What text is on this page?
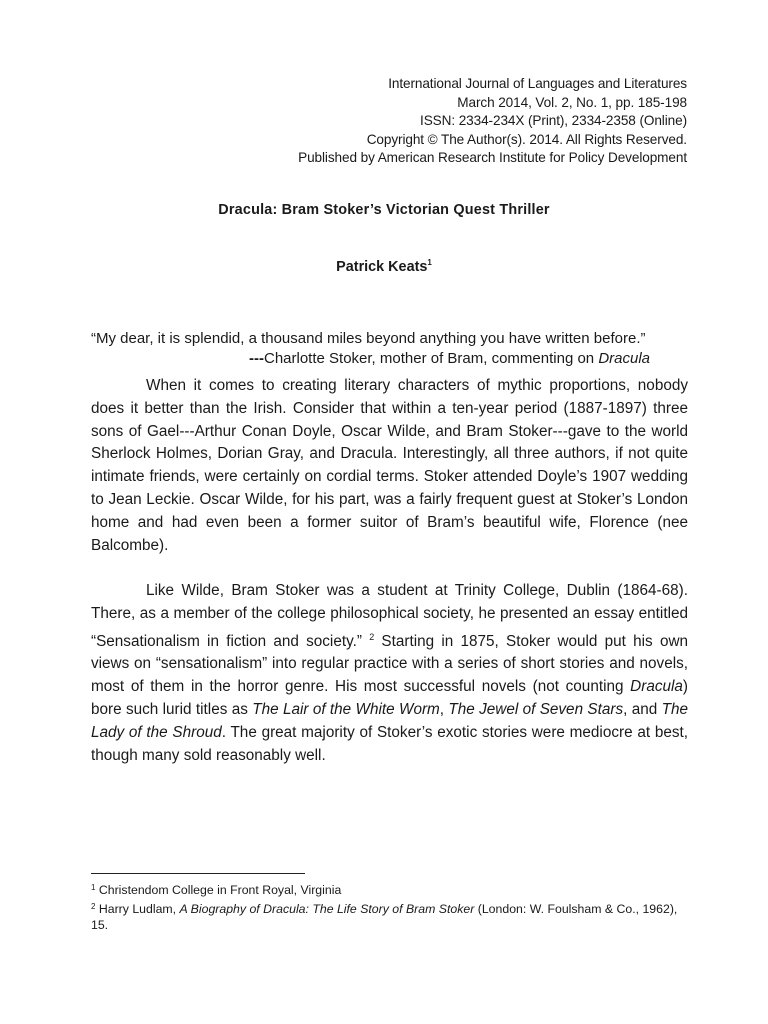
International Journal of Languages and Literatures
March 2014, Vol. 2, No. 1, pp. 185-198
ISSN: 2334-234X (Print), 2334-2358 (Online)
Copyright © The Author(s). 2014. All Rights Reserved.
Published by American Research Institute for Policy Development
Dracula: Bram Stoker’s Victorian Quest Thriller
Patrick Keats$^1$
“My dear, it is splendid, a thousand miles beyond anything you have written before.”
---Charlotte Stoker, mother of Bram, commenting on Dracula

When it comes to creating literary characters of mythic proportions, nobody does it better than the Irish. Consider that within a ten-year period (1887-1897) three sons of Gael---Arthur Conan Doyle, Oscar Wilde, and Bram Stoker---gave to the world Sherlock Holmes, Dorian Gray, and Dracula. Interestingly, all three authors, if not quite intimate friends, were certainly on cordial terms. Stoker attended Doyle’s 1907 wedding to Jean Leckie. Oscar Wilde, for his part, was a fairly frequent guest at Stoker’s London home and had even been a former suitor of Bram’s beautiful wife, Florence (nee Balcombe).

Like Wilde, Bram Stoker was a student at Trinity College, Dublin (1864-68). There, as a member of the college philosophical society, he presented an essay entitled “Sensationalism in fiction and society.” $^2$ Starting in 1875, Stoker would put his own views on “sensationalism” into regular practice with a series of short stories and novels, most of them in the horror genre. His most successful novels (not counting Dracula) bore such lurid titles as The Lair of the White Worm, The Jewel of Seven Stars, and The Lady of the Shroud. The great majority of Stoker’s exotic stories were mediocre at best, though many sold reasonably well.

$^1$ Christendom College in Front Royal, Virginia
$^2$ Harry Ludlam, A Biography of Dracula: The Life Story of Bram Stoker (London: W. Foulsham & Co., 1962), 15.
